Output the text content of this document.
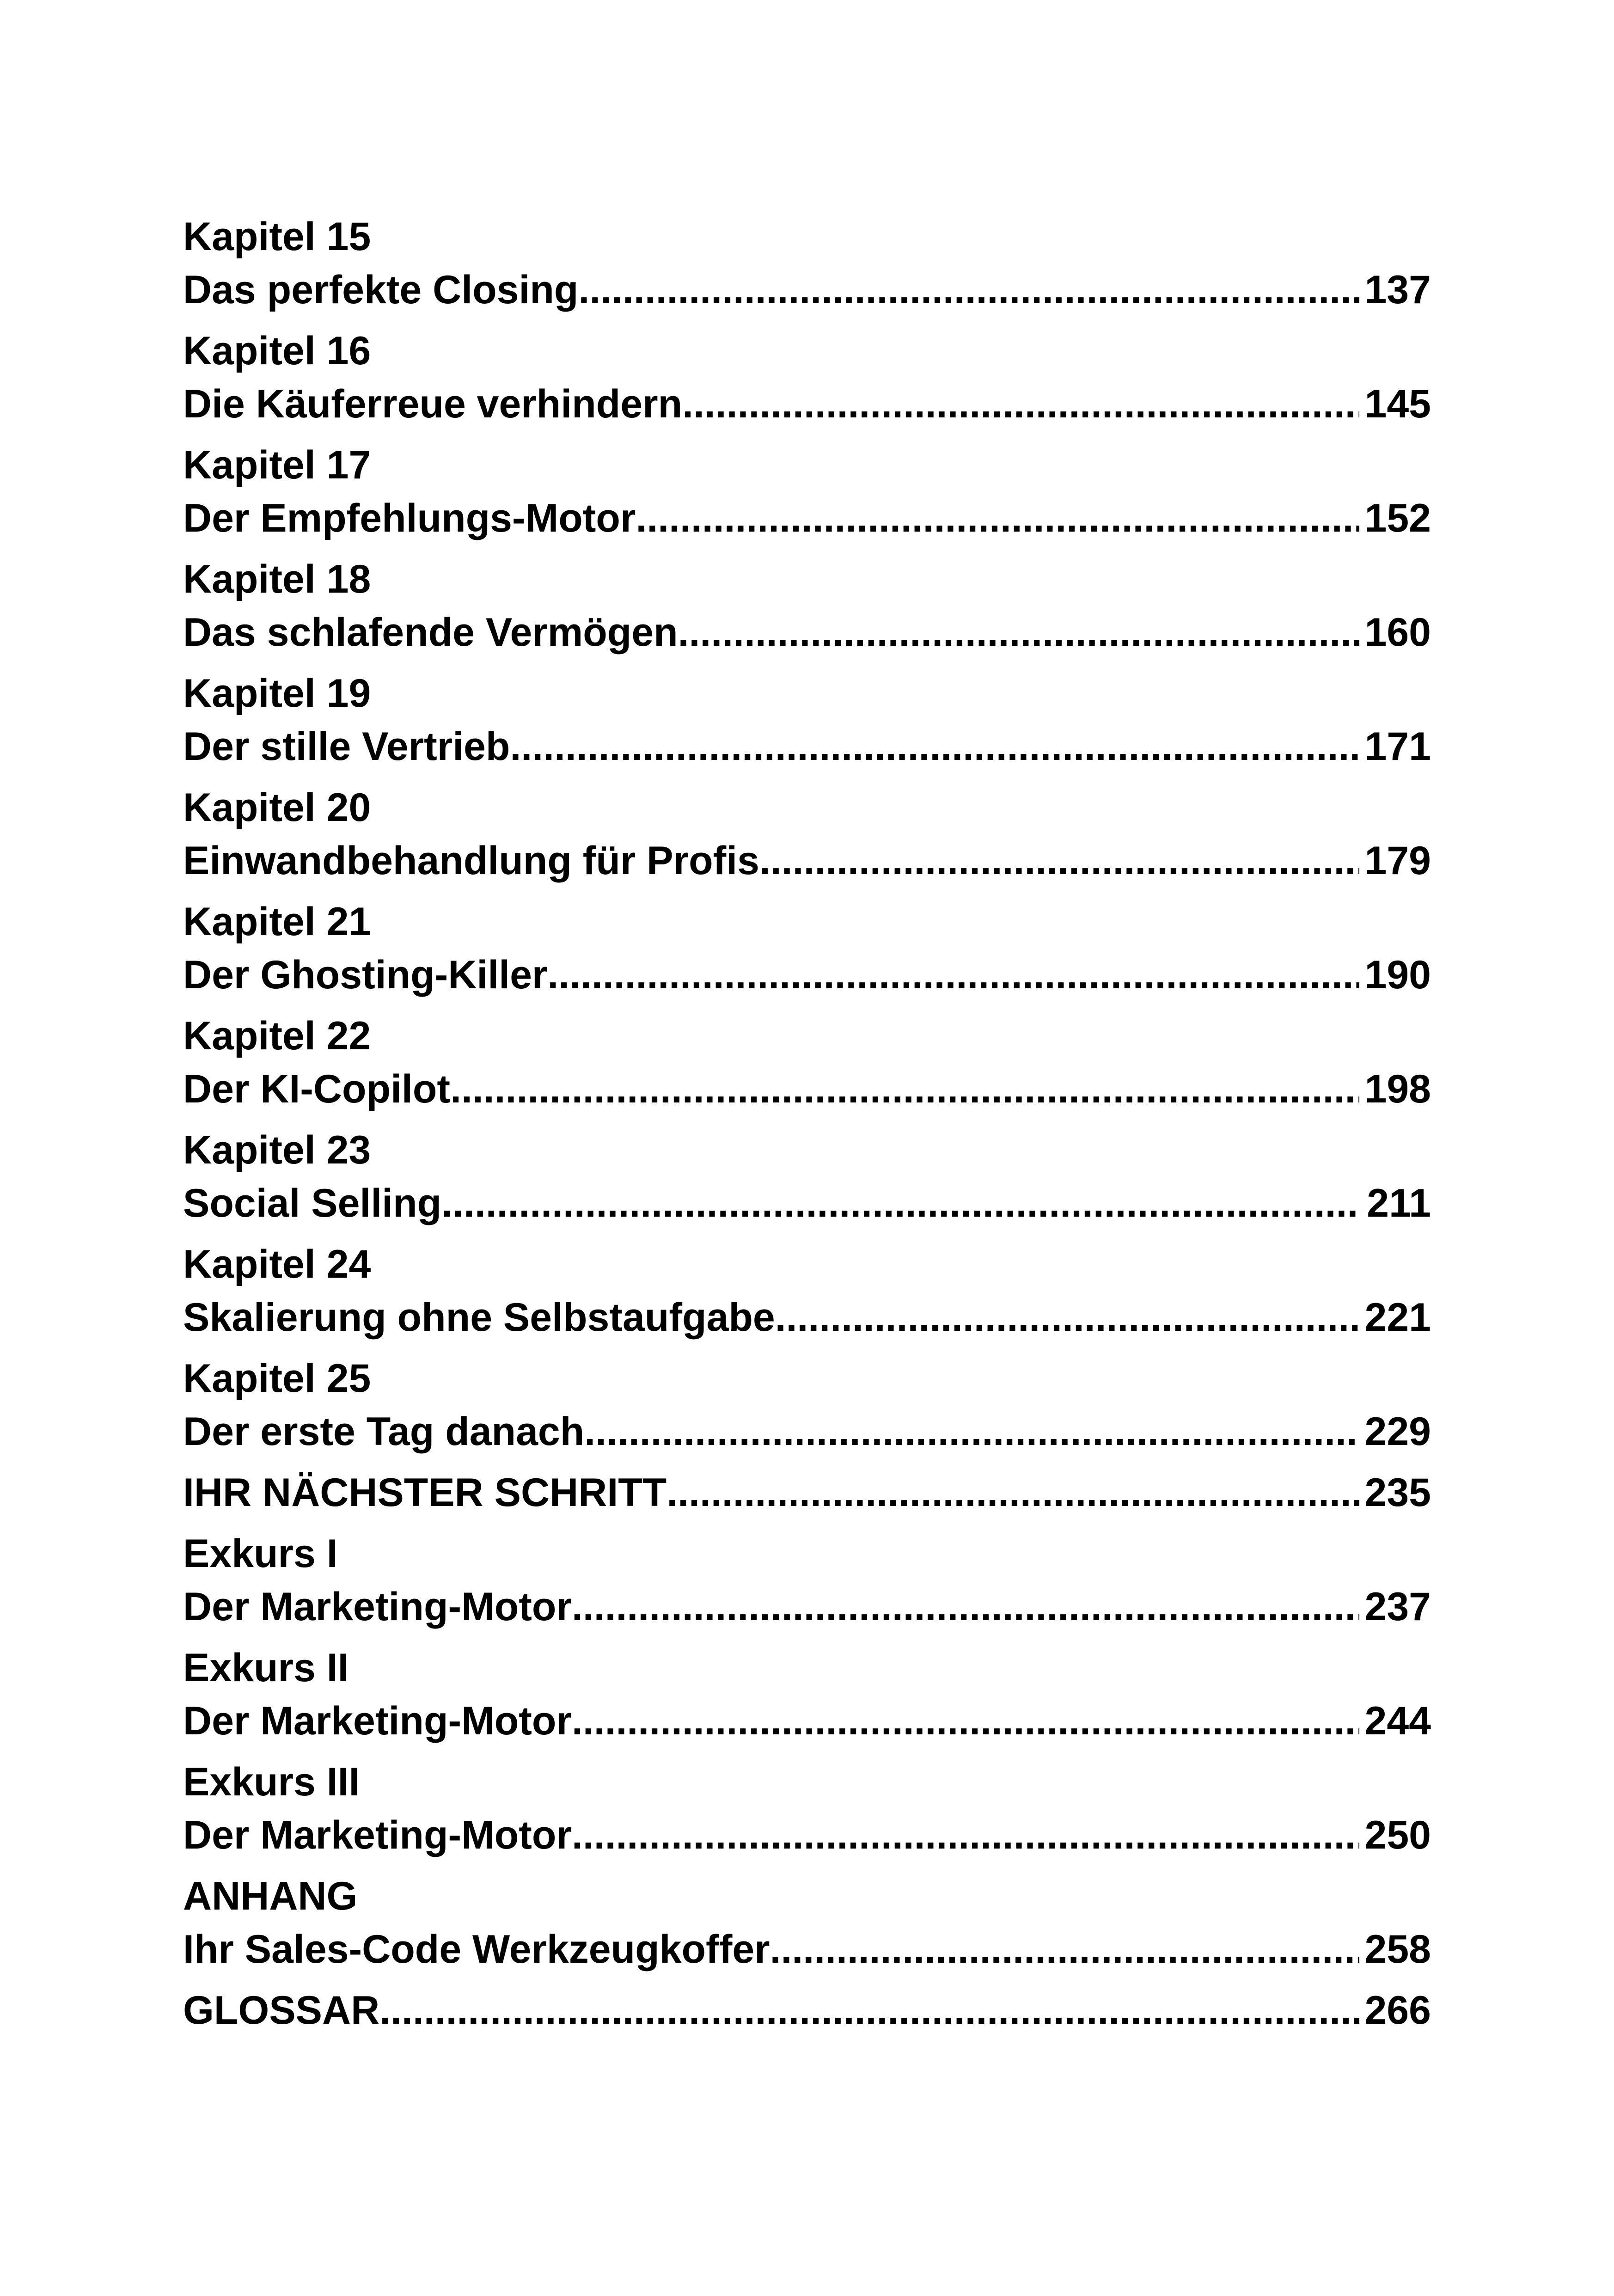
Kapitel 15
Das perfekte Closing .....	137
Kapitel 16
Die Käuferreue verhindern .....	145
Kapitel 17
Der Empfehlungs-Motor .....	152
Kapitel 18
Das schlafende Vermögen .....	160
Kapitel 19
Der stille Vertrieb .....	171
Kapitel 20
Einwandbehandlung für Profis .....	179
Kapitel 21
Der Ghosting-Killer .....	190
Kapitel 22
Der KI-Copilot .....	198
Kapitel 23
Social Selling .....	211
Kapitel 24
Skalierung ohne Selbstaufgabe .....	221
Kapitel 25
Der erste Tag danach .....	229
IHR NÄCHSTER SCHRITT .....	235
Exkurs I
Der Marketing-Motor .....	237
Exkurs II
Der Marketing-Motor .....	244
Exkurs III
Der Marketing-Motor .....	250
ANHANG
Ihr Sales-Code Werkzeugkoffer .....	258
GLOSSAR .....	266
